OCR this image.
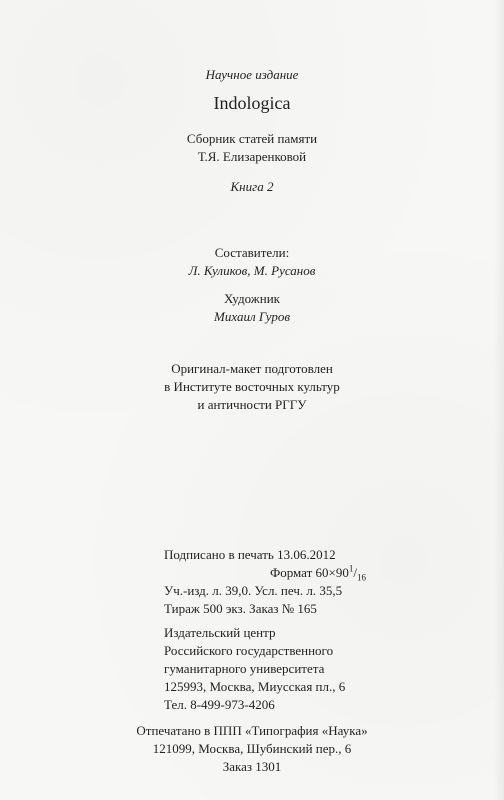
Научное издание
Indologica
Сборник статей памяти
Т.Я. Елизаренковой
Книга 2
Составители:
Л. Куликов, М. Русанов
Художник
Михаил Гуров
Оригинал-макет подготовлен
в Институте восточных культур
и античности РГГУ
Подписано в печать 13.06.2012
Формат $60\times 90^1/_{16}$
Уч.-изд. л. 39,0. Усл. печ. л. 35,5
Тираж 500 экз. Заказ № 165
Издательский центр
Российского государственного
гуманитарного университета
125993, Москва, Миусская пл., 6
Тел. 8-499-973-4206
Отпечатано в ППП «Типография «Наука»
121099, Москва, Шубинский пер., 6
Заказ 1301
